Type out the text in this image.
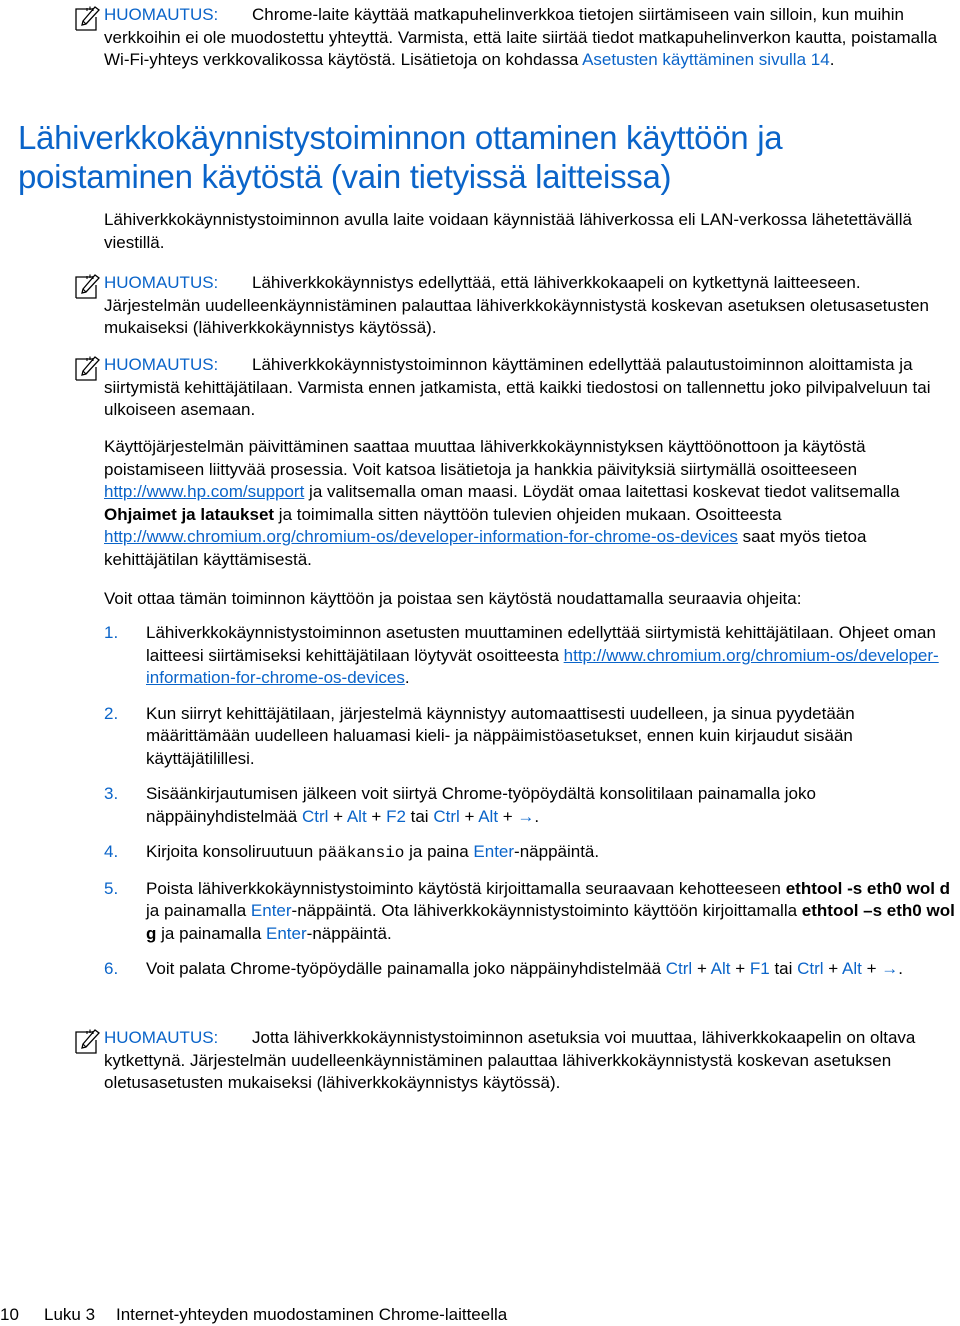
HUOMAUTUS: Chrome-laite käyttää matkapuhelinverkkoa tietojen siirtämiseen vain silloin, kun muihin verkkoihin ei ole muodostettu yhteyttä. Varmista, että laite siirtää tiedot matkapuhelinverkon kautta, poistamalla Wi-Fi-yhteys verkkovalikossa käytöstä. Lisätietoja on kohdassa Asetusten käyttäminen sivulla 14.

Lähiverkkokäynnistystoiminnon ottaminen käyttöön ja poistaminen käytöstä (vain tietyissä laitteissa)

Lähiverkkokäynnistystoiminnon avulla laite voidaan käynnistää lähiverkossa eli LAN-verkossa lähetettävällä viestillä.

HUOMAUTUS: Lähiverkkokäynnistys edellyttää, että lähiverkkokaapeli on kytkettynä laitteeseen. Järjestelmän uudelleenkäynnistäminen palauttaa lähiverkkokäynnistystä koskevan asetuksen oletusasetusten mukaiseksi (lähiverkkokäynnistys käytössä).

HUOMAUTUS: Lähiverkkokäynnistystoiminnon käyttäminen edellyttää palautustoiminnon aloittamista ja siirtymistä kehittäjätilaan. Varmista ennen jatkamista, että kaikki tiedostosi on tallennettu joko pilvipalveluun tai ulkoiseen asemaan.

Käyttöjärjestelmän päivittäminen saattaa muuttaa lähiverkkokäynnistyksen käyttöönottoon ja käytöstä poistamiseen liittyvää prosessia. Voit katsoa lisätietoja ja hankkia päivityksiä siirtymällä osoitteeseen http://www.hp.com/support ja valitsemalla oman maasi. Löydät omaa laitettasi koskevat tiedot valitsemalla Ohjaimet ja lataukset ja toimimalla sitten näyttöön tulevien ohjeiden mukaan. Osoitteesta http://www.chromium.org/chromium-os/developer-information-for-chrome-os-devices saat myös tietoa kehittäjätilan käyttämisestä.

Voit ottaa tämän toiminnon käyttöön ja poistaa sen käytöstä noudattamalla seuraavia ohjeita:

1. Lähiverkkokäynnistystoiminnon asetusten muuttaminen edellyttää siirtymistä kehittäjätilaan. Ohjeet oman laitteesi siirtämiseksi kehittäjätilaan löytyvät osoitteesta http://www.chromium.org/chromium-os/developer-information-for-chrome-os-devices.
2. Kun siirryt kehittäjätilaan, järjestelmä käynnistyy automaattisesti uudelleen, ja sinua pyydetään määrittämään uudelleen haluamasi kieli- ja näppäimistöasetukset, ennen kuin kirjaudut sisään käyttäjätilillesi.
3. Sisäänkirjautumisen jälkeen voit siirtyä Chrome-työpöydältä konsolitilaan painamalla joko näppäinyhdistelmää Ctrl + Alt + F2 tai Ctrl + Alt + →.
4. Kirjoita konsoliruutuun pääkansio ja paina Enter-näppäintä.
5. Poista lähiverkkokäynnistystoiminto käytöstä kirjoittamalla seuraavaan kehotteeseen ethtool -s eth0 wol d ja painamalla Enter-näppäintä. Ota lähiverkkokäynnistystoiminto käyttöön kirjoittamalla ethtool –s eth0 wol g ja painamalla Enter-näppäintä.
6. Voit palata Chrome-työpöydälle painamalla joko näppäinyhdistelmää Ctrl + Alt + F1 tai Ctrl + Alt + →.

HUOMAUTUS: Jotta lähiverkkokäynnistystoiminnon asetuksia voi muuttaa, lähiverkkokaapelin on oltava kytkettynä. Järjestelmän uudelleenkäynnistäminen palauttaa lähiverkkokäynnistystä koskevan asetuksen oletusasetusten mukaiseksi (lähiverkkokäynnistys käytössä).

10 Luku 3 Internet-yhteyden muodostaminen Chrome-laitteella
